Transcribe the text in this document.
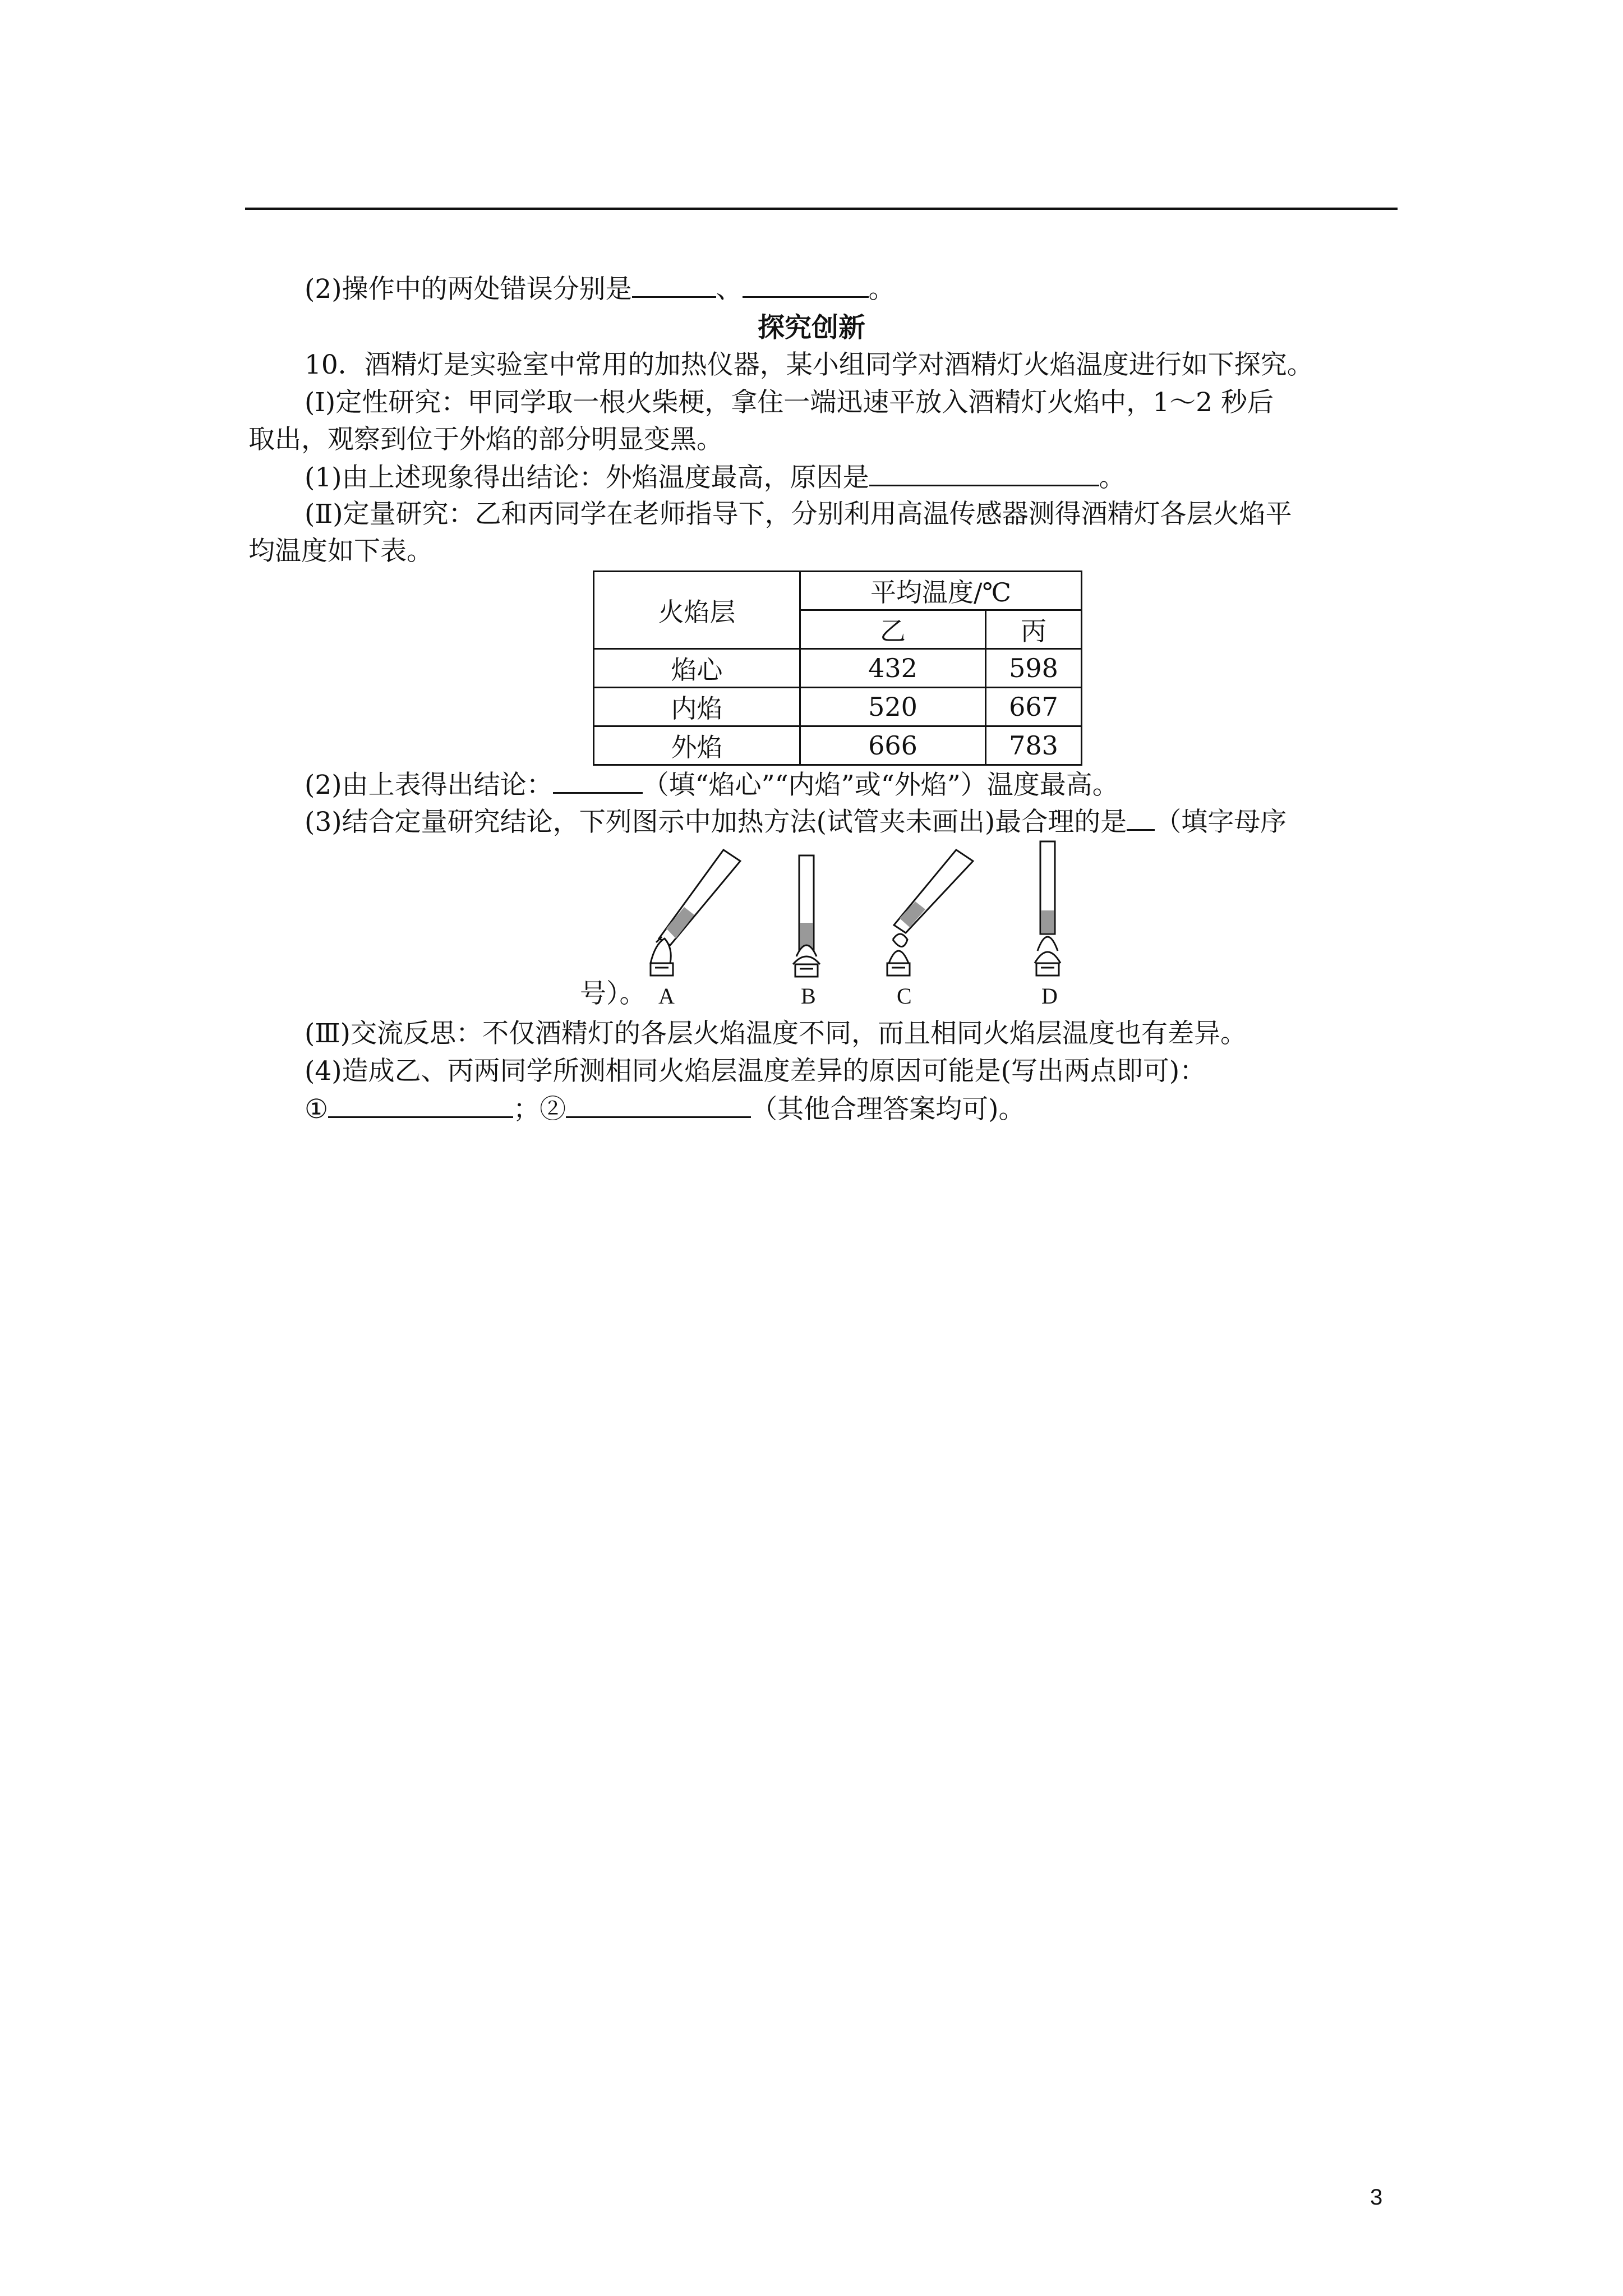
(2)操作中的两处错误分别是	、	。
探究创新
10．酒精灯是实验室中常用的加热仪器，某小组同学对酒精灯火焰温度进行如下探究。
(Ⅰ)定性研究：甲同学取一根火柴梗，拿住一端迅速平放入酒精灯火焰中，1～2 秒后
取出，观察到位于外焰的部分明显变黑。
(1)由上述现象得出结论：外焰温度最高，原因是	。
(Ⅱ)定量研究：乙和丙同学在老师指导下，分别利用高温传感器测得酒精灯各层火焰平
均温度如下表。
火焰层	平均温度/℃	
	乙	丙
焰心	432	598
内焰	520	667
外焰	666	783
(2)由上表得出结论：	（填“焰心”“内焰”或“外焰”）温度最高。
(3)结合定量研究结论，下列图示中加热方法(试管夹未画出)最合理的是 （填字母序
号）。 A	B	C	D
(Ⅲ)交流反思：不仅酒精灯的各层火焰温度不同，而且相同火焰层温度也有差异。
(4)造成乙、丙两同学所测相同火焰层温度差异的原因可能是(写出两点即可)：
①	；②	（其他合理答案均可)。
3
